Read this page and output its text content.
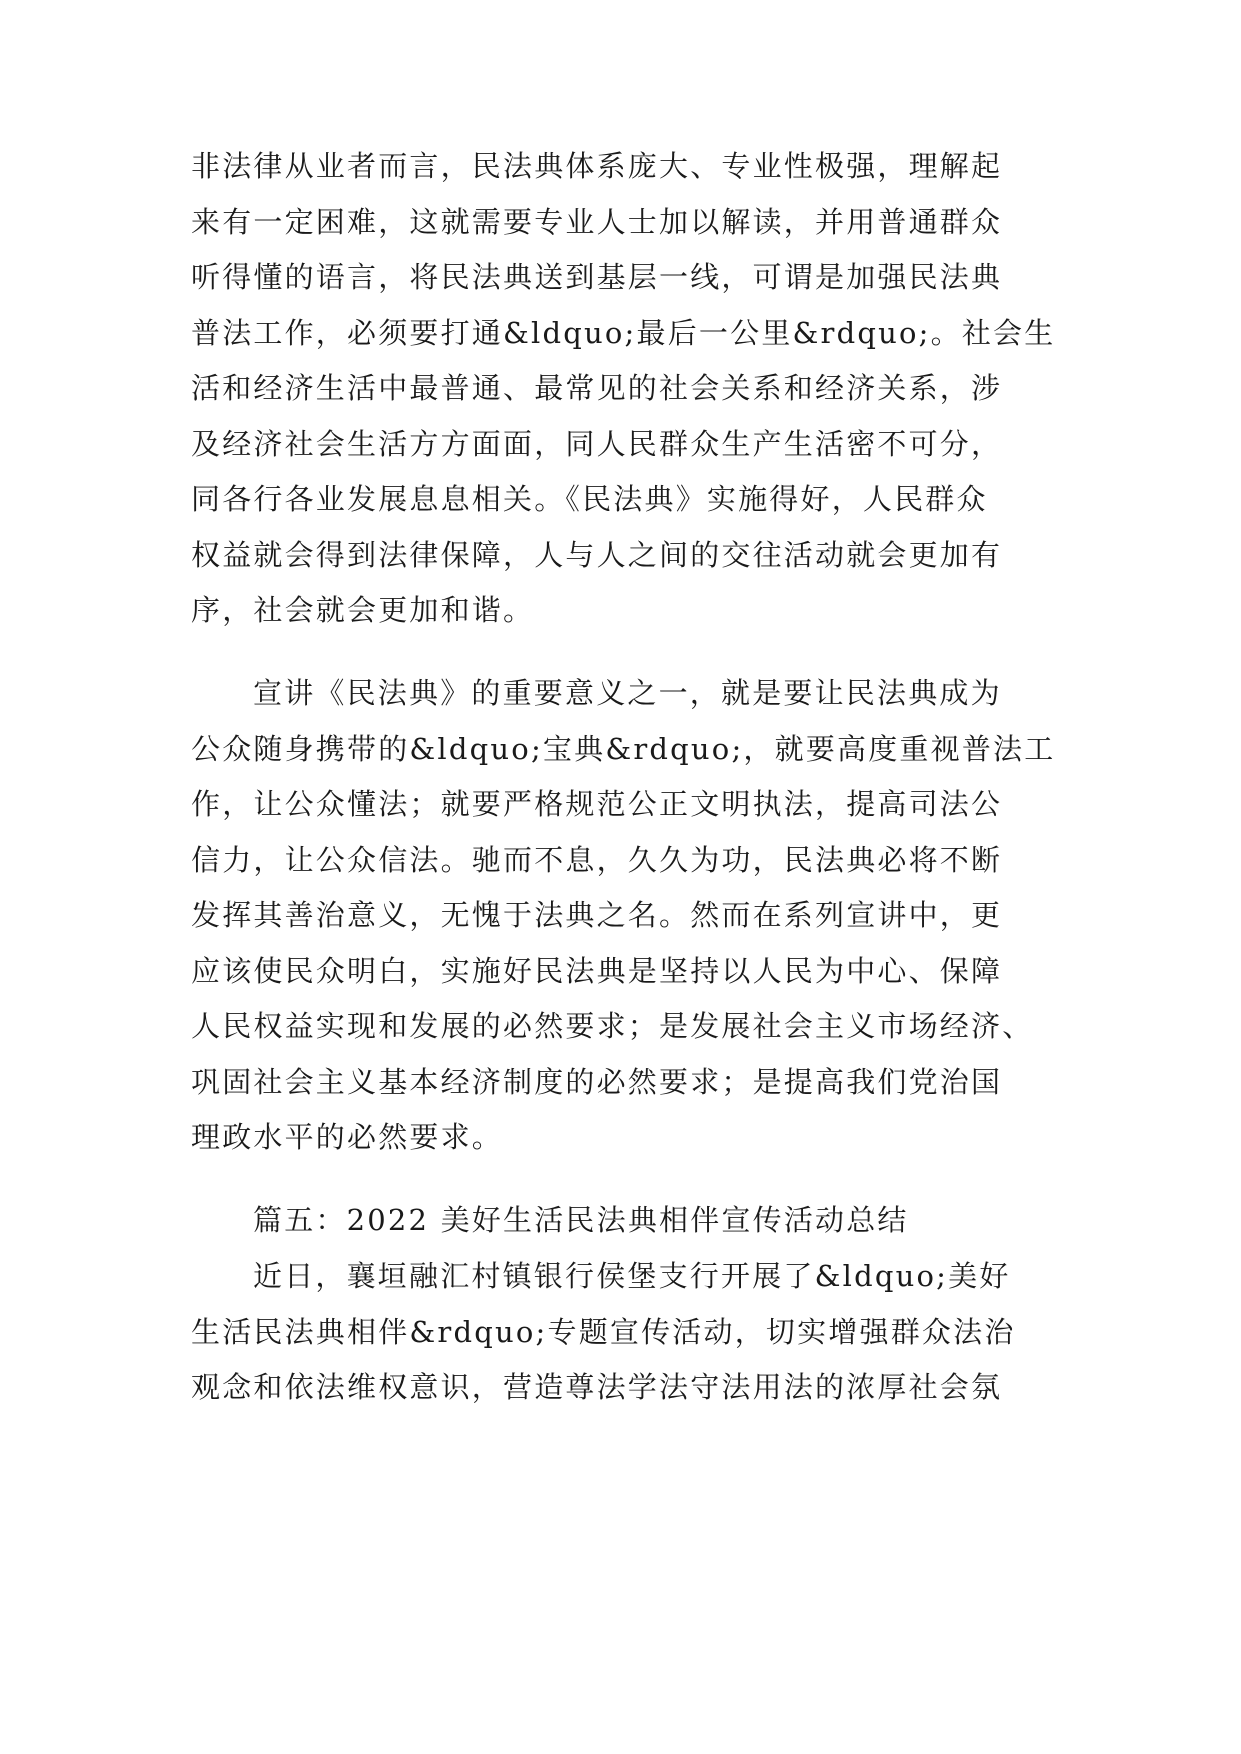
非法律从业者而言，民法典体系庞大、专业性极强，理解起
来有一定困难，这就需要专业人士加以解读，并用普通群众
听得懂的语言，将民法典送到基层一线，可谓是加强民法典
普法工作，必须要打通&ldquo;最后一公里&rdquo;。社会生
活和经济生活中最普通、最常见的社会关系和经济关系，涉
及经济社会生活方方面面，同人民群众生产生活密不可分，
同各行各业发展息息相关。《民法典》实施得好，人民群众
权益就会得到法律保障，人与人之间的交往活动就会更加有
序，社会就会更加和谐。
宣讲《民法典》的重要意义之一，就是要让民法典成为
公众随身携带的&ldquo;宝典&rdquo;，就要高度重视普法工
作，让公众懂法；就要严格规范公正文明执法，提高司法公
信力，让公众信法。驰而不息，久久为功，民法典必将不断
发挥其善治意义，无愧于法典之名。然而在系列宣讲中，更
应该使民众明白，实施好民法典是坚持以人民为中心、保障
人民权益实现和发展的必然要求；是发展社会主义市场经济、
巩固社会主义基本经济制度的必然要求；是提高我们党治国
理政水平的必然要求。
篇五：2022 美好生活民法典相伴宣传活动总结
近日，襄垣融汇村镇银行侯堡支行开展了&ldquo;美好
生活民法典相伴&rdquo;专题宣传活动，切实增强群众法治
观念和依法维权意识，营造尊法学法守法用法的浓厚社会氛
